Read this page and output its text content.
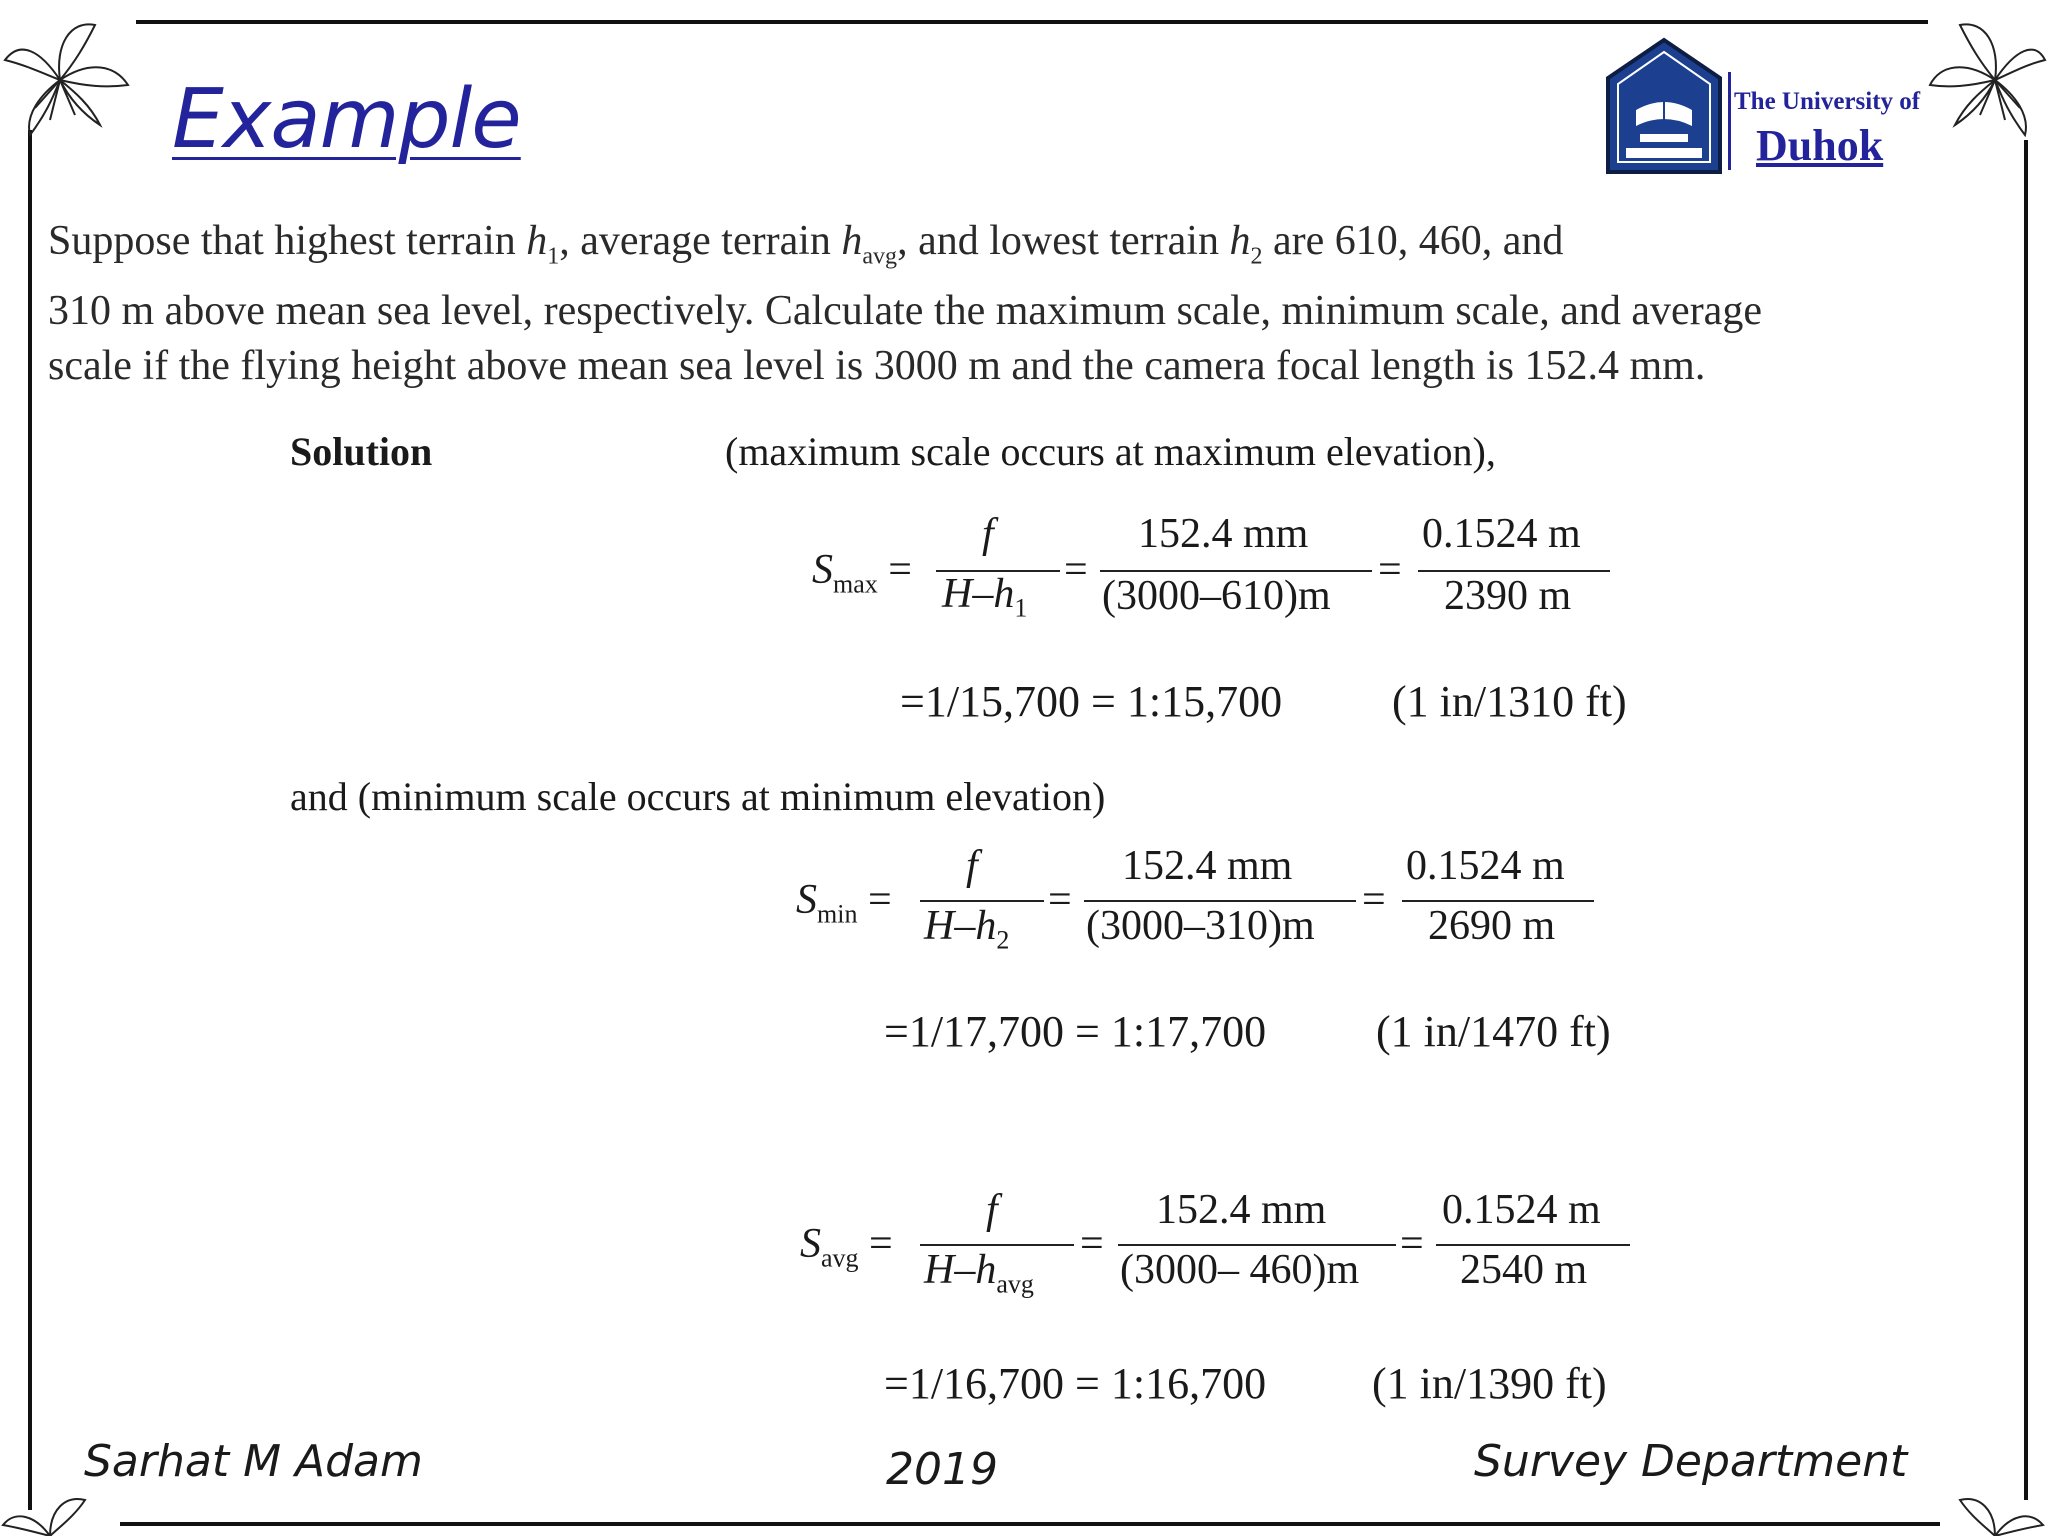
Example	The University of
Duhok
Suppose that highest terrain $h_1$, average terrain $h_{avg}$, and lowest terrain $h_2$ are 610, 460, and
310 m above mean sea level, respectively. Calculate the maximum scale, minimum scale, and average
scale if the flying height above mean sea level is 3000 m and the camera focal length is 152.4 mm.
Solution	(maximum scale occurs at maximum elevation),
$S_{max}$ =
f
$H-h_1$
=
152.4 mm
(3000–610)m
=
0.1524 m
2390 m
=1/15,700 = 1:15,700 (1 in/1310 ft)
and (minimum scale occurs at minimum elevation)
$S_{min}$ =
f
$H-h_2$
=
152.4 mm
(3000–310)m
=
0.1524 m
2690 m
=1/17,700 = 1:17,700 (1 in/1470 ft)
$S_{avg}$ =
f
$H-h_{avg}$
=
152.4 mm
(3000– 460)m
=
0.1524 m
2540 m
=1/16,700 = 1:16,700 (1 in/1390 ft)
Sarhat M Adam	2019	Survey Department
